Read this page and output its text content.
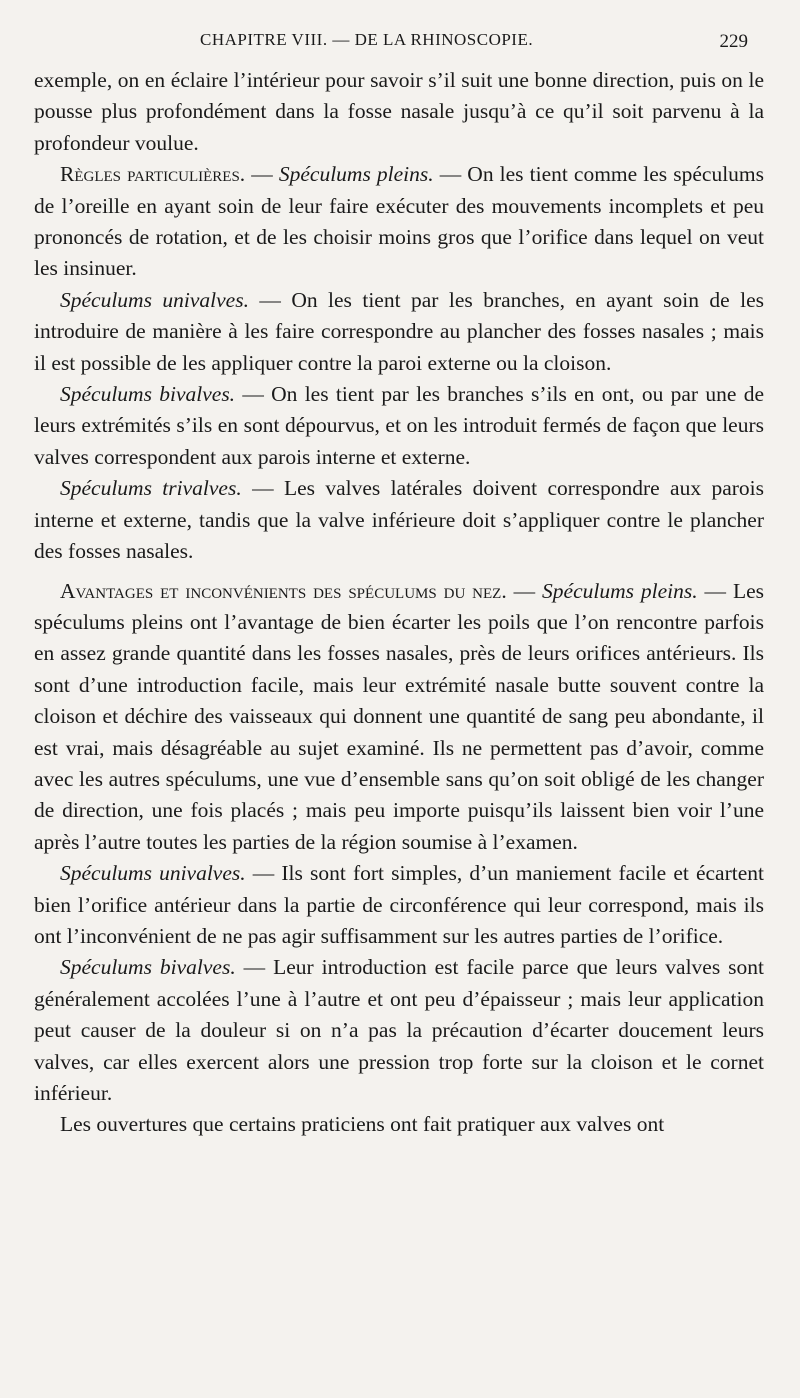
CHAPITRE VIII. — DE LA RHINOSCOPIE.	229

exemple, on en éclaire l’intérieur pour savoir s’il suit une bonne direction, puis on le pousse plus profondément dans la fosse nasale jusqu’à ce qu’il soit parvenu à la profondeur voulue.

Règles particulières. — Spéculums pleins. — On les tient comme les spéculums de l’oreille en ayant soin de leur faire exécuter des mouvements incomplets et peu prononcés de rotation, et de les choisir moins gros que l’orifice dans lequel on veut les insinuer.

Spéculums univalves. — On les tient par les branches, en ayant soin de les introduire de manière à les faire correspondre au plancher des fosses nasales ; mais il est possible de les appliquer contre la paroi externe ou la cloison.

Spéculums bivalves. — On les tient par les branches s’ils en ont, ou par une de leurs extrémités s’ils en sont dépourvus, et on les introduit fermés de façon que leurs valves correspondent aux parois interne et externe.

Spéculums trivalves. — Les valves latérales doivent correspondre aux parois interne et externe, tandis que la valve inférieure doit s’appliquer contre le plancher des fosses nasales.

Avantages et inconvénients des spéculums du nez. — Spéculums pleins. — Les spéculums pleins ont l’avantage de bien écarter les poils que l’on rencontre parfois en assez grande quantité dans les fosses nasales, près de leurs orifices antérieurs. Ils sont d’une introduction facile, mais leur extrémité nasale butte souvent contre la cloison et déchire des vaisseaux qui donnent une quantité de sang peu abondante, il est vrai, mais désagréable au sujet examiné. Ils ne permettent pas d’avoir, comme avec les autres spéculums, une vue d’ensemble sans qu’on soit obligé de les changer de direction, une fois placés ; mais peu importe puisqu’ils laissent bien voir l’une après l’autre toutes les parties de la région soumise à l’examen.

Spéculums univalves. — Ils sont fort simples, d’un maniement facile et écartent bien l’orifice antérieur dans la partie de circonférence qui leur correspond, mais ils ont l’inconvénient de ne pas agir suffisamment sur les autres parties de l’orifice.

Spéculums bivalves. — Leur introduction est facile parce que leurs valves sont généralement accolées l’une à l’autre et ont peu d’épaisseur ; mais leur application peut causer de la douleur si on n’a pas la précaution d’écarter doucement leurs valves, car elles exercent alors une pression trop forte sur la cloison et le cornet inférieur.

Les ouvertures que certains praticiens ont fait pratiquer aux valves ont
